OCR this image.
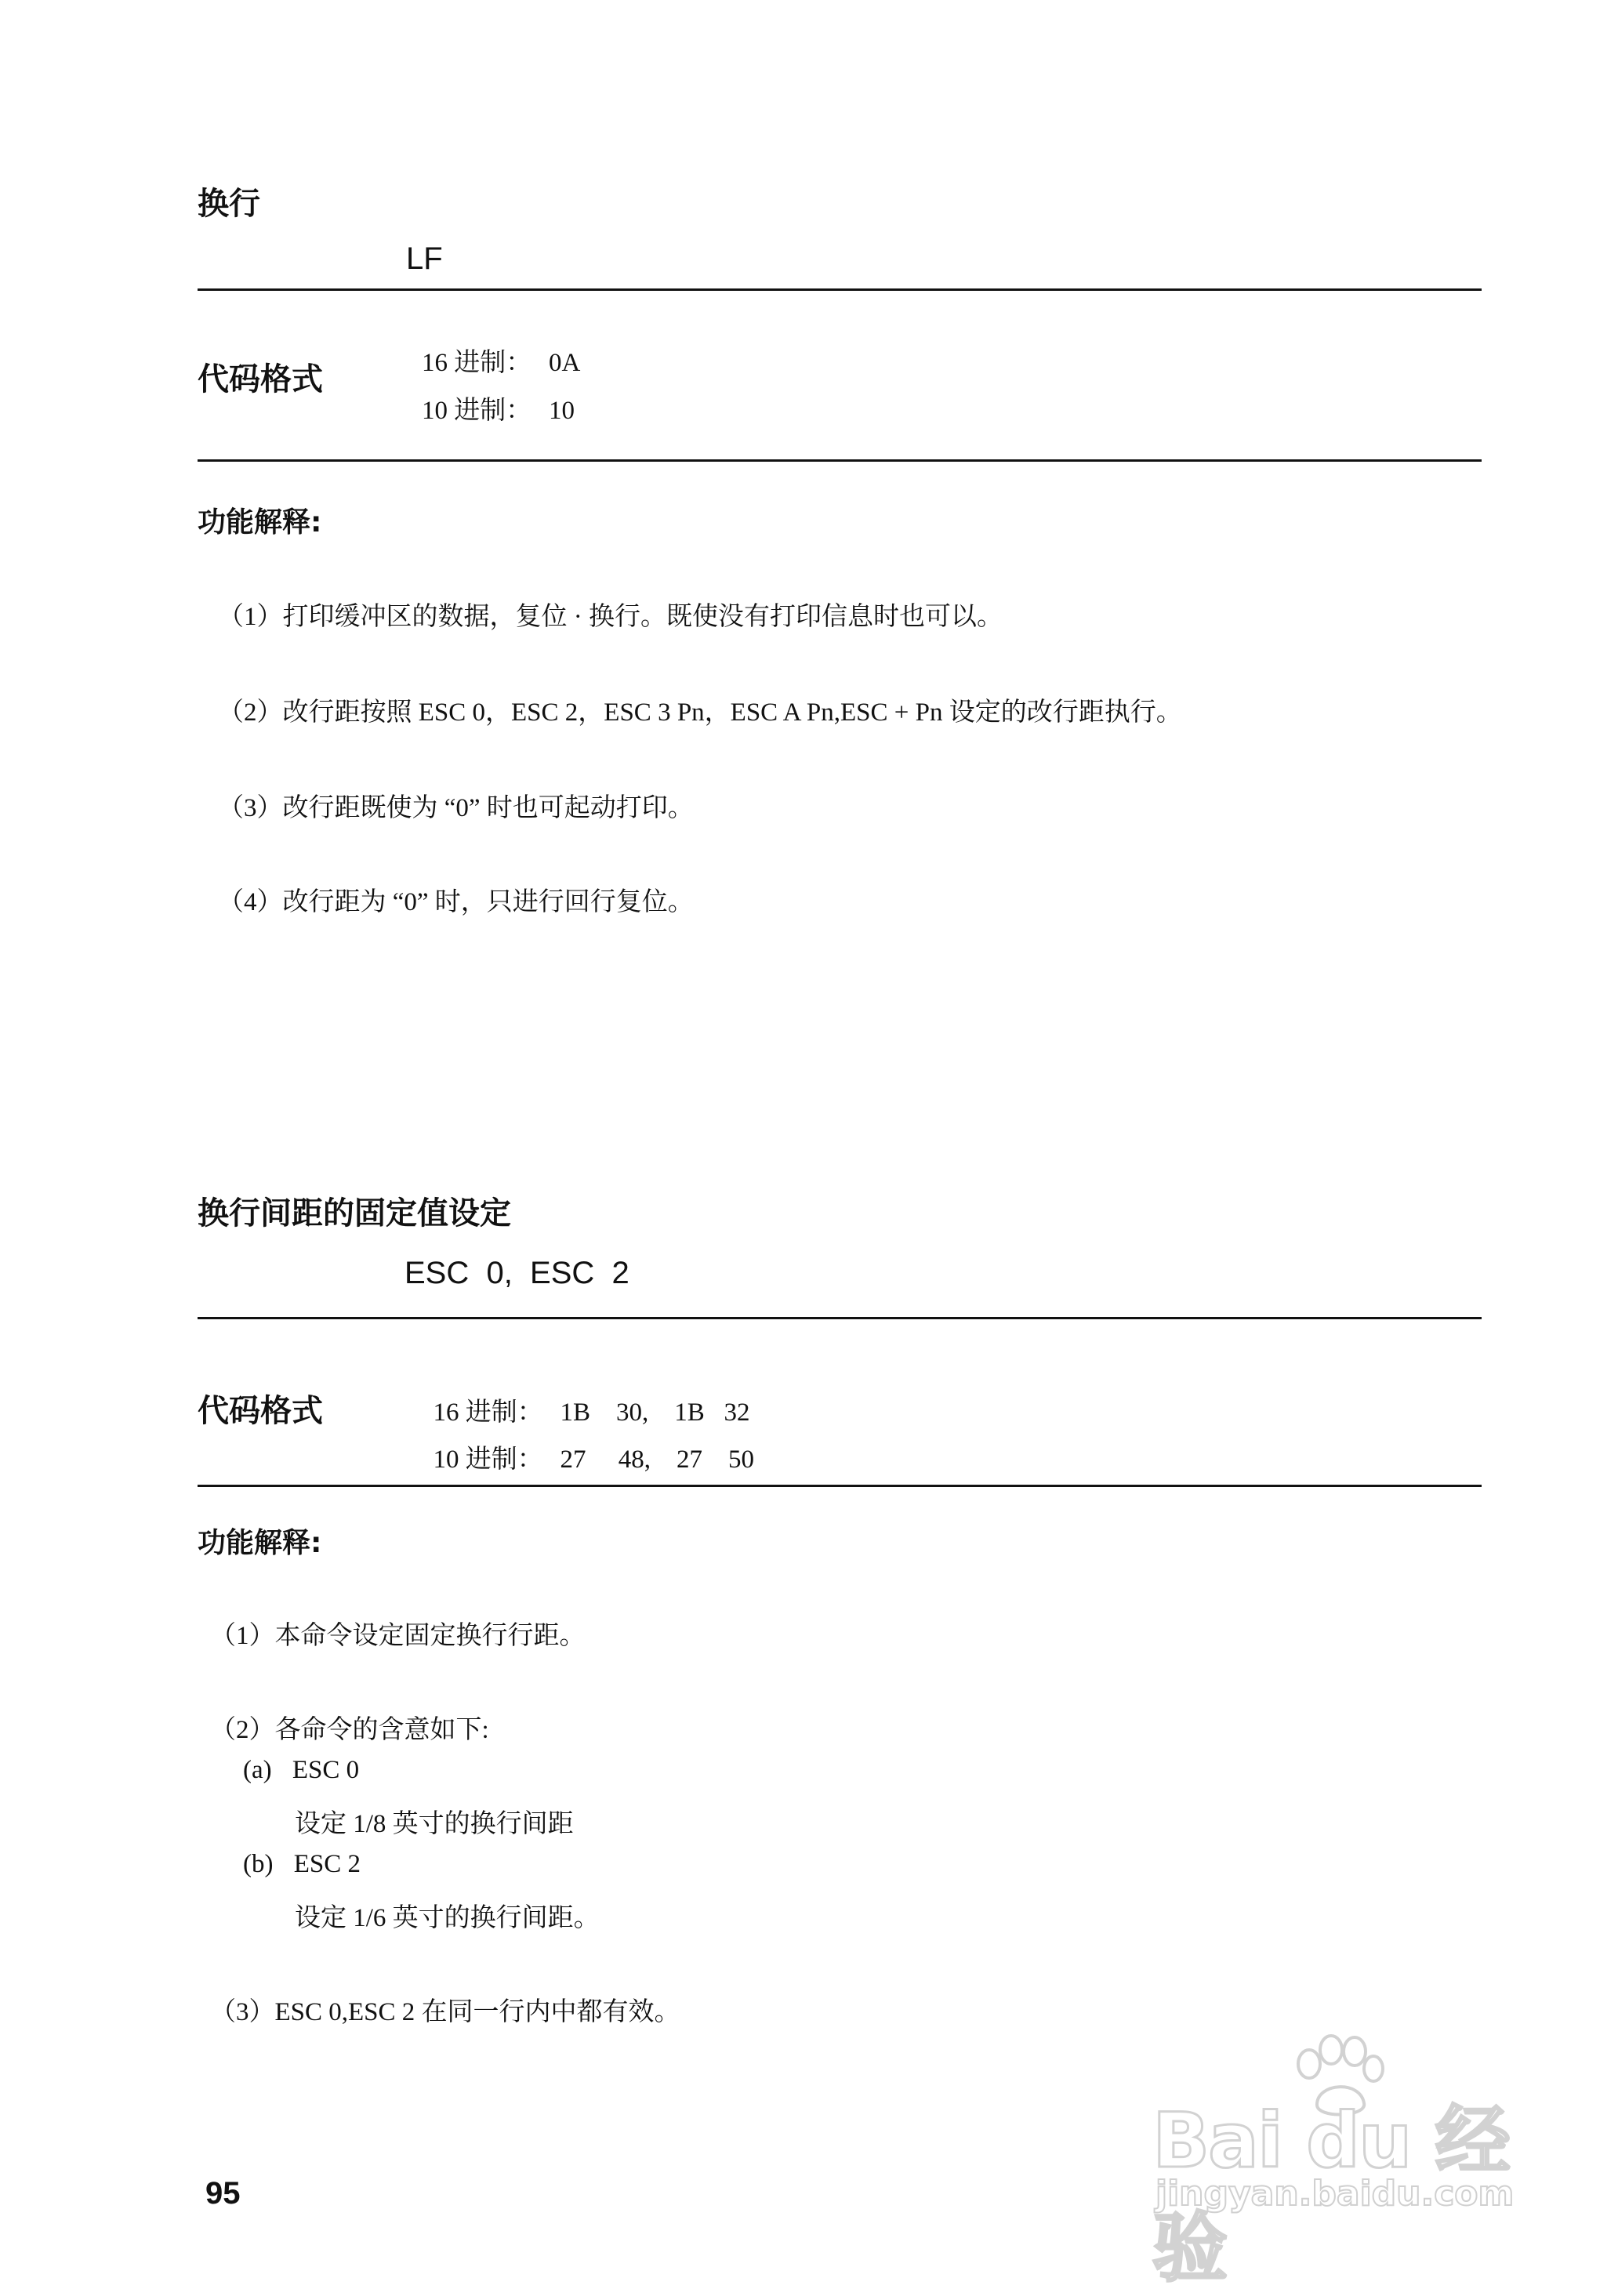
换行
LF
代码格式	16 进制： 0A
10 进制： 10
功能解释:
（1）打印缓冲区的数据，复位 · 换行。既使没有打印信息时也可以。
（2）改行距按照 ESC 0，ESC 2，ESC 3 Pn，ESC A Pn,ESC + Pn 设定的改行距执行。
（3）改行距既使为 “0” 时也可起动打印。
（4）改行距为 “0” 时，只进行回行复位。
换行间距的固定值设定
ESC  0,  ESC  2
代码格式	16 进制： 1B    30,    1B   32

10 进制： 27     48,    27    50

功能解释:
（1）本命令设定固定换行行距。
（2）各命令的含意如下:
(a) ESC 0
设定 1/8 英寸的换行间距
(b) ESC 2
设定 1/6 英寸的换行间距。
（3）ESC 0,ESC 2 在同一行内中都有效。
95
Bai du 经验
jingyan.baidu.com
